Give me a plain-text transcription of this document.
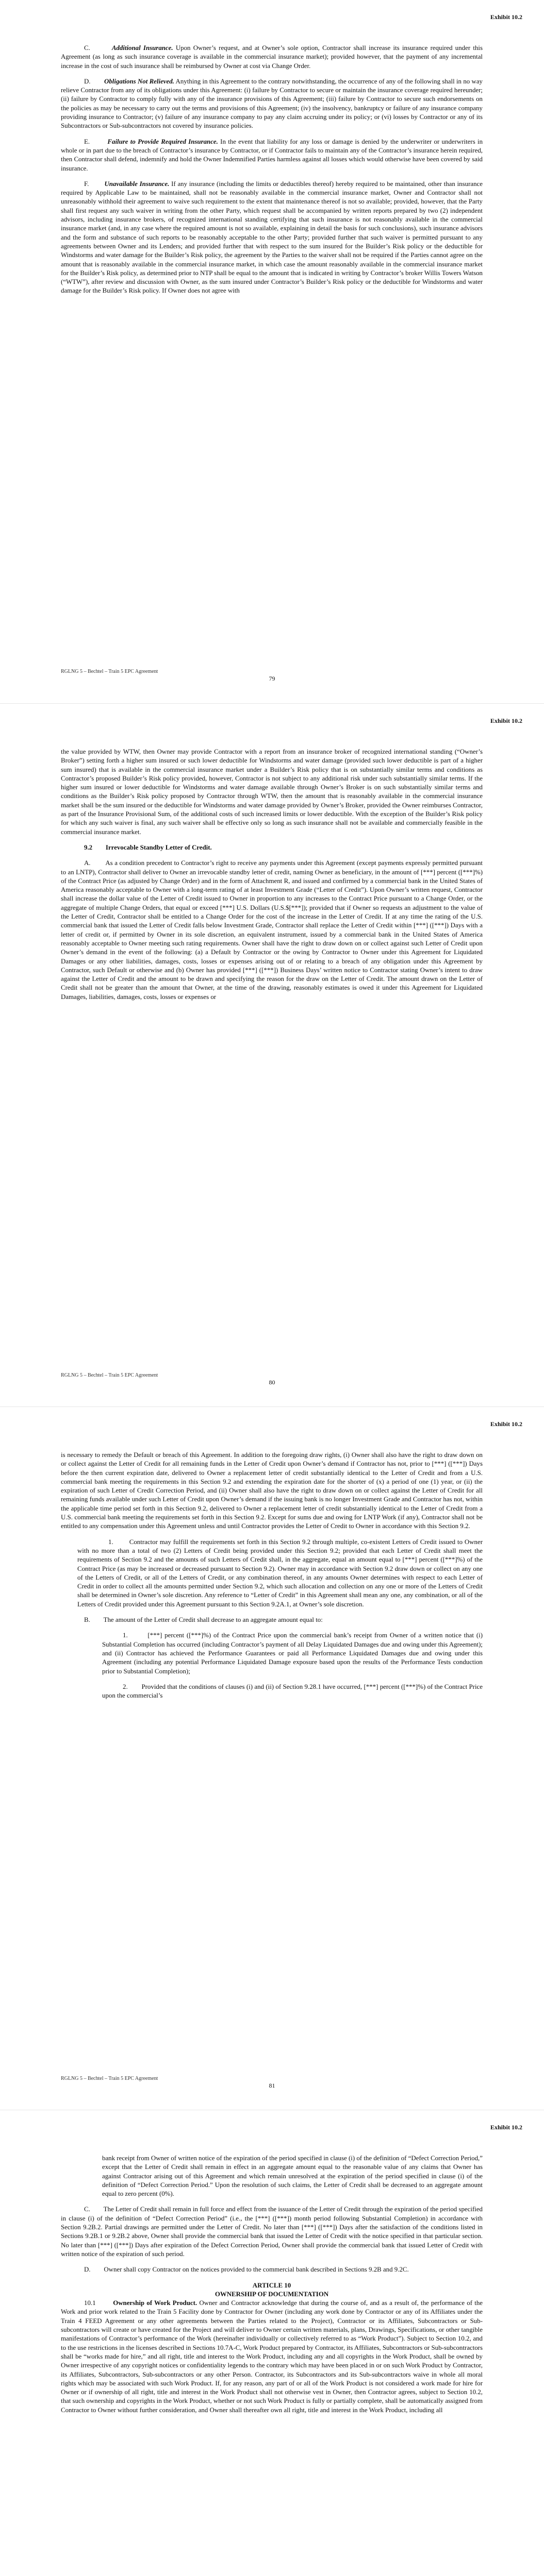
Exhibit 10.2

C.	Additional Insurance. Upon Owner’s request, and at Owner’s sole option, Contractor shall increase its insurance required under this Agreement (as long as such insurance coverage is available in the commercial insurance market); provided however, that the payment of any incremental increase in the cost of such insurance shall be reimbursed by Owner at cost via Change Order.

D. Obligations Not Relieved. Anything in this Agreement to the contrary notwithstanding, the occurrence of any of the following shall in no way relieve Contractor from any of its obligations under this Agreement: (i) failure by Contractor to secure or maintain the insurance coverage required hereunder; (ii) failure by Contractor to comply fully with any of the insurance provisions of this Agreement; (iii) failure by Contractor to secure such endorsements on the policies as may be necessary to carry out the terms and provisions of this Agreement; (iv) the insolvency, bankruptcy or failure of any insurance company providing insurance to Contractor; (v) failure of any insurance company to pay any claim accruing under its policy; or (vi) losses by Contractor or any of its Subcontractors or Sub-subcontractors not covered by insurance policies.

E.	Failure to Provide Required Insurance. In the event that liability for any loss or damage is denied by the underwriter or underwriters in whole or in part due to the breach of Contractor’s insurance by Contractor, or if Contractor fails to maintain any of the Contractor’s insurance herein required, then Contractor shall defend, indemnify and hold the Owner Indemnified Parties harmless against all losses which would otherwise have been covered by said insurance.

F. Unavailable Insurance. If any insurance (including the limits or deductibles thereof) hereby required to be maintained, other than insurance required by Applicable Law to be maintained, shall not be reasonably available in the commercial insurance market, Owner and Contractor shall not unreasonably withhold their agreement to waive such requirement to the extent that maintenance thereof is not so available; provided, however, that the Party shall first request any such waiver in writing from the other Party, which request shall be accompanied by written reports prepared by two (2) independent advisors, including insurance brokers, of recognized international standing certifying that such insurance is not reasonably available in the commercial insurance market (and, in any case where the required amount is not so available, explaining in detail the basis for such conclusions), such insurance advisors and the form and substance of such reports to be reasonably acceptable to the other Party; provided further that such waiver is permitted pursuant to any agreements between Owner and its Lenders; and provided further that with respect to the sum insured for the Builder’s Risk policy or the deductible for Windstorms and water damage for the Builder’s Risk policy, the agreement by the Parties to the waiver shall not be required if the Parties cannot agree on the amount that is reasonably available in the commercial insurance market, in which case the amount reasonably available in the commercial insurance market for the Builder’s Risk policy, as determined prior to NTP shall be equal to the amount that is indicated in writing by Contractor’s broker Willis Towers Watson (“WTW”), after review and discussion with Owner, as the sum insured under Contractor’s Builder’s Risk policy or the deductible for Windstorms and water damage for the Builder’s Risk policy. If Owner does not agree with

RGLNG 5 – Bechtel – Train 5 EPC Agreement
79
Exhibit 10.2

the value provided by WTW, then Owner may provide Contractor with a report from an insurance broker of recognized international standing (“Owner’s Broker”) setting forth a higher sum insured or such lower deductible for Windstorms and water damage (provided such lower deductible is part of a higher sum insured) that is available in the commercial insurance market under a Builder’s Risk policy that is on substantially similar terms and conditions as Contractor’s proposed Builder’s Risk policy provided, however, Contractor is not subject to any additional risk under such substantially similar terms. If the higher sum insured or lower deductible for Windstorms and water damage available through Owner’s Broker is on such substantially similar terms and conditions as the Builder’s Risk policy proposed by Contractor through WTW, then the amount that is reasonably available in the commercial insurance market shall be the sum insured or the deductible for Windstorms and water damage provided by Owner’s Broker, provided the Owner reimburses Contractor, as part of the Insurance Provisional Sum, of the additional costs of such increased limits or lower deductible. With the exception of the Builder’s Risk policy for which any such waiver is final, any such waiver shall be effective only so long as such insurance shall not be available and commercially feasible in the commercial insurance market.

9.2 Irrevocable Standby Letter of Credit.

A. As a condition precedent to Contractor’s right to receive any payments under this Agreement (except payments expressly permitted pursuant to an LNTP), Contractor shall deliver to Owner an irrevocable standby letter of credit, naming Owner as beneficiary, in the amount of [***] percent ([***]%) of the Contract Price (as adjusted by Change Order) and in the form of Attachment R, and issued and confirmed by a commercial bank in the United States of America reasonably acceptable to Owner with a long-term rating of at least Investment Grade (“Letter of Credit”). Upon Owner’s written request, Contractor shall increase the dollar value of the Letter of Credit issued to Owner in proportion to any increases to the Contract Price pursuant to a Change Order, or the aggregate of multiple Change Orders, that equal or exceed [***] U.S. Dollars (U.S.$[***]); provided that if Owner so requests an adjustment to the value of the Letter of Credit, Contractor shall be entitled to a Change Order for the cost of the increase in the Letter of Credit. If at any time the rating of the U.S. commercial bank that issued the Letter of Credit falls below Investment Grade, Contractor shall replace the Letter of Credit within [***] ([***]) Days with a letter of credit or, if permitted by Owner in its sole discretion, an equivalent instrument, issued by a commercial bank in the United States of America reasonably acceptable to Owner meeting such rating requirements. Owner shall have the right to draw down on or collect against such Letter of Credit upon Owner’s demand in the event of the following: (a) a Default by Contractor or the owing by Contractor to Owner under this Agreement for Liquidated Damages or any other liabilities, damages, costs, losses or expenses arising out of or relating to a breach of any obligation under this Agreement by Contractor, such Default or otherwise and (b) Owner has provided [***] ([***]) Business Days’ written notice to Contractor stating Owner’s intent to draw against the Letter of Credit and the amount to be drawn and specifying the reason for the draw on the Letter of Credit. The amount drawn on the Letter of Credit shall not be greater than the amount that Owner, at the time of the drawing, reasonably estimates is owed it under this Agreement for Liquidated Damages, liabilities, damages, costs, losses or expenses or

RGLNG 5 – Bechtel – Train 5 EPC Agreement
80
Exhibit 10.2

is necessary to remedy the Default or breach of this Agreement. In addition to the foregoing draw rights, (i) Owner shall also have the right to draw down on or collect against the Letter of Credit for all remaining funds in the Letter of Credit upon Owner’s demand if Contractor has not, prior to [***] ([***]) Days before the then current expiration date, delivered to Owner a replacement letter of credit substantially identical to the Letter of Credit and from a U.S. commercial bank meeting the requirements in this Section 9.2 and extending the expiration date for the shorter of (x) a period of one (1) year, or (ii) the expiration of such Letter of Credit Correction Period, and (ii) Owner shall also have the right to draw down on or collect against the Letter of Credit for all remaining funds available under such Letter of Credit upon Owner’s demand if the issuing bank is no longer Investment Grade and Contractor has not, within the applicable time period set forth in this Section 9.2, delivered to Owner a replacement letter of credit substantially identical to the Letter of Credit from a U.S. commercial bank meeting the requirements set forth in this Section 9.2. Except for sums due and owing for LNTP Work (if any), Contractor shall not be entitled to any compensation under this Agreement unless and until Contractor provides the Letter of Credit to Owner in accordance with this Section 9.2.

1. Contractor may fulfill the requirements set forth in this Section 9.2 through multiple, co-existent Letters of Credit issued to Owner with no more than a total of two (2) Letters of Credit being provided under this Section 9.2; provided that each Letter of Credit shall meet the requirements of Section 9.2 and the amounts of such Letters of Credit shall, in the aggregate, equal an amount equal to [***] percent ([***]%) of the Contract Price (as may be increased or decreased pursuant to Section 9.2). Owner may in accordance with Section 9.2 draw down or collect on any one of the Letters of Credit, or all of the Letters of Credit, or any combination thereof, in any amounts Owner determines with respect to each Letter of Credit in order to collect all the amounts permitted under Section 9.2, which such allocation and collection on any one or more of the Letters of Credit shall be determined in Owner’s sole discretion. Any reference to “Letter of Credit” in this Agreement shall mean any one, any combination, or all of the Letters of Credit provided under this Agreement pursuant to this Section 9.2A.1, at Owner’s sole discretion.

B. The amount of the Letter of Credit shall decrease to an aggregate amount equal to:

1.	[***] percent ([***]%) of the Contract Price upon the commercial bank’s receipt from Owner of a written notice that (i) Substantial Completion has occurred (including Contractor’s payment of all Delay Liquidated Damages due and owing under this Agreement); and (ii) Contractor has achieved the Performance Guarantees or paid all Performance Liquidated Damages due and owing under this Agreement (including any potential Performance Liquidated Damage exposure based upon the results of the Performance Tests conduction prior to Substantial Completion);

2. Provided that the conditions of clauses (i) and (ii) of Section 9.28.1 have occurred, [***] percent ([***]%) of the Contract Price upon the commercial’s

RGLNG 5 – Bechtel – Train 5 EPC Agreement
81
Exhibit 10.2

bank receipt from Owner of written notice of the expiration of the period specified in clause (i) of the definition of “Defect Correction Period,” except that the Letter of Credit shall remain in effect in an aggregate amount equal to the reasonable value of any claims that Owner has against Contractor arising out of this Agreement and which remain unresolved at the expiration of the period specified in clause (i) of the definition of “Defect Correction Period.” Upon the resolution of such claims, the Letter of Credit shall be decreased to an aggregate amount equal to zero percent (0%).

C. The Letter of Credit shall remain in full force and effect from the issuance of the Letter of Credit through the expiration of the period specified in clause (i) of the definition of “Defect Correction Period” (i.e., the [***] ([***]) month period following Substantial Completion) in accordance with Section 9.2B.2. Partial drawings are permitted under the Letter of Credit. No later than [***] ([***]) Days after the satisfaction of the conditions listed in Sections 9.2B.1 or 9.2B.2 above, Owner shall provide the commercial bank that issued the Letter of Credit with the notice specified in that particular section. No later than [***] ([***]) Days after expiration of the Defect Correction Period, Owner shall provide the commercial bank that issued Letter of Credit with written notice of the expiration of such period.

D. Owner shall copy Contractor on the notices provided to the commercial bank described in Sections 9.2B and 9.2C.

ARTICLE 10

OWNERSHIP OF DOCUMENTATION

10.1	Ownership of Work Product. Owner and Contractor acknowledge that during the course of, and as a result of, the performance of the Work and prior work related to the Train 5 Facility done by Contractor for Owner (including any work done by Contractor or any of its Affiliates under the Train 4 FEED Agreement or any other agreements between the Parties related to the Project), Contractor or its Affiliates, Subcontractors or Sub-subcontractors will create or have created for the Project and will deliver to Owner certain written materials, plans, Drawings, Specifications, or other tangible manifestations of Contractor’s performance of the Work (hereinafter individually or collectively referred to as “Work Product”). Subject to Section 10.2, and to the use restrictions in the licenses described in Sections 10.7A-C, Work Product prepared by Contractor, its Affiliates, Subcontractors or Sub-subcontractors shall be “works made for hire,” and all right, title and interest to the Work Product, including any and all copyrights in the Work Product, shall be owned by Owner irrespective of any copyright notices or confidentiality legends to the contrary which may have been placed in or on such Work Product by Contractor, its Affiliates, Subcontractors, Sub-subcontractors or any other Person. Contractor, its Subcontractors and its Sub-subcontractors waive in whole all moral rights which may be associated with such Work Product. If, for any reason, any part of or all of the Work Product is not considered a work made for hire for Owner or if ownership of all right, title and interest in the Work Product shall not otherwise vest in Owner, then Contractor agrees, subject to Section 10.2, that such ownership and copyrights in the Work Product, whether or not such Work Product is fully or partially complete, shall be automatically assigned from Contractor to Owner without further consideration, and Owner shall thereafter own all right, title and interest in the Work Product, including all
